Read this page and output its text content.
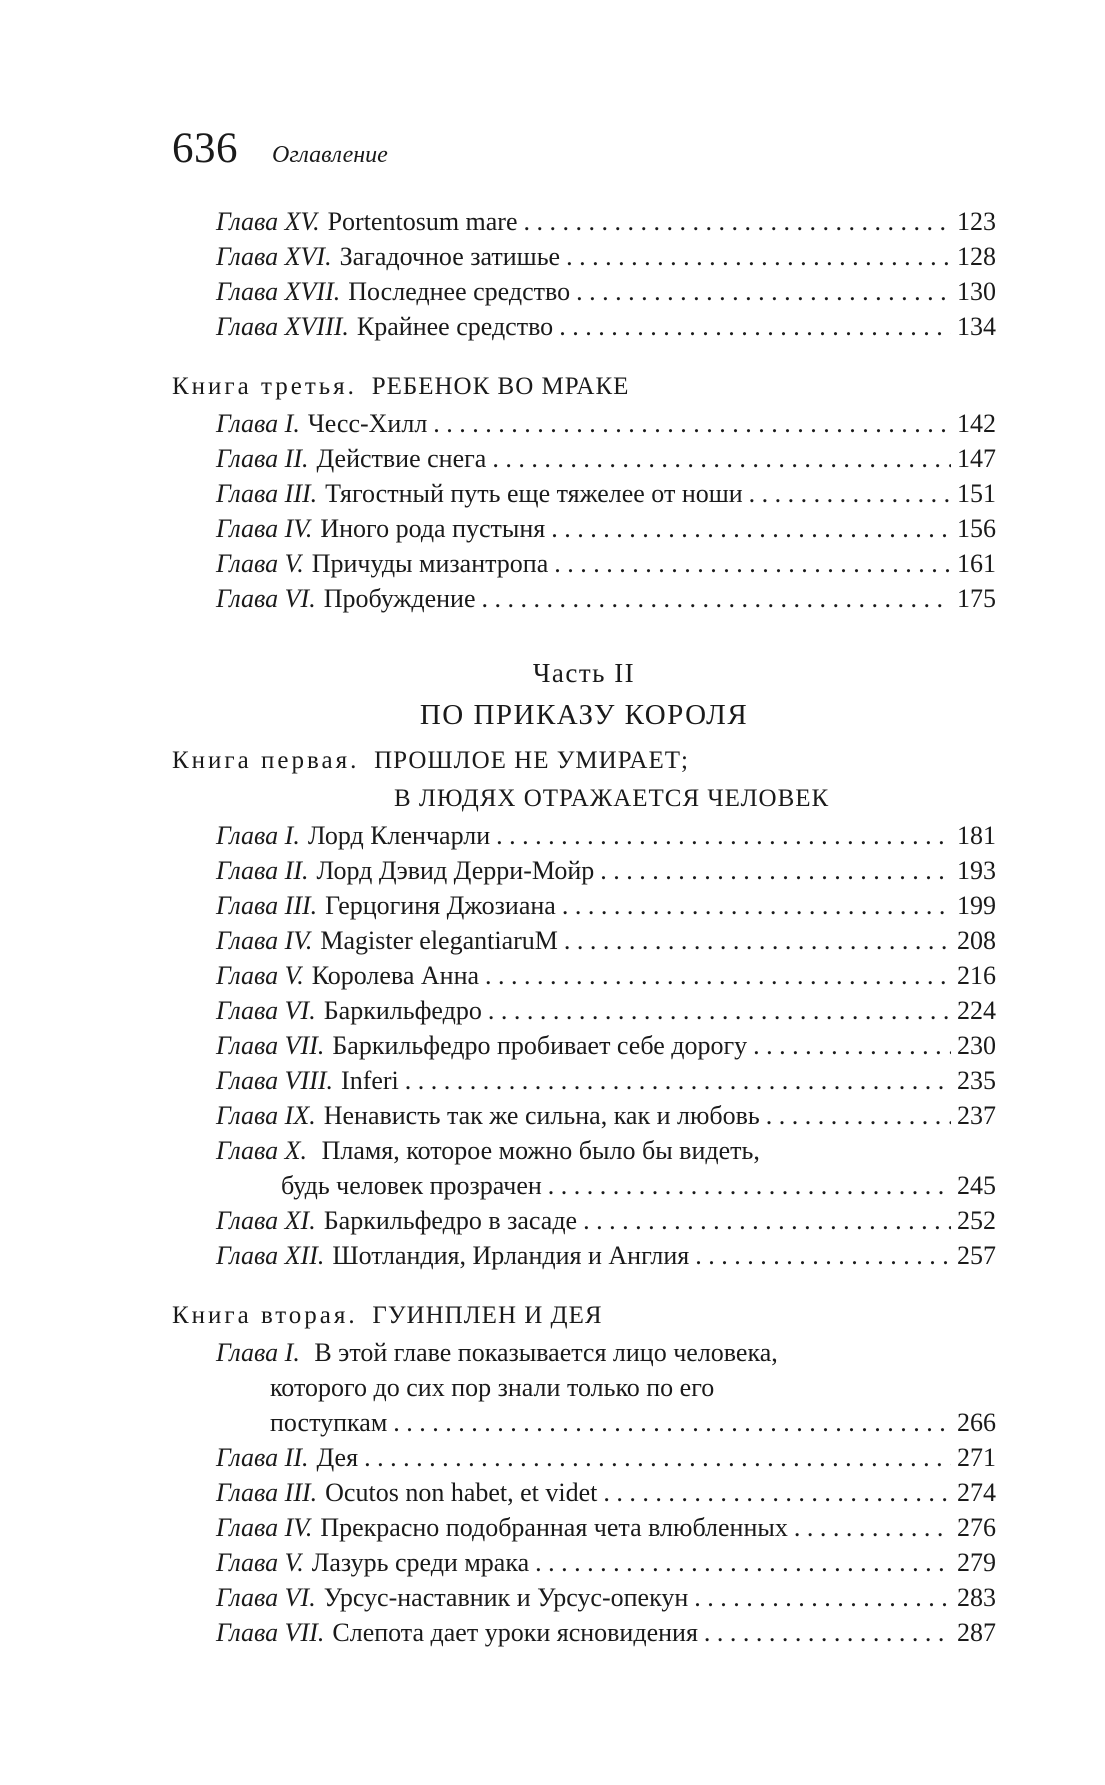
636 Оглавление
Глава XV. Portentosum mare . . .	123
Глава XVI. Загадочное затишье . . .	128
Глава XVII. Последнее средство . . .	130
Глава XVIII. Крайнее средство . . .	134
Книга третья. РЕБЕНОК ВО МРАКЕ
Глава I. Чесс-Хилл . . .	142
Глава II. Действие снега . . .	147
Глава III. Тягостный путь еще тяжелее от ноши . . .	151
Глава IV. Иного рода пустыня . . .	156
Глава V. Причуды мизантропа . . .	161
Глава VI. Пробуждение . . .	175
Часть II
ПО ПРИКАЗУ КОРОЛЯ
Книга первая. ПРОШЛОЕ НЕ УМИРАЕТ;
В ЛЮДЯХ ОТРАЖАЕТСЯ ЧЕЛОВЕК
Глава I. Лорд Кленчарли . . .	181
Глава II. Лорд Дэвид Дерри-Мойр . . .	193
Глава III. Герцогиня Джозиана . . .	199
Глава IV. Magister elegantiaruM . . .	208
Глава V. Королева Анна . . .	216
Глава VI. Баркильфедро . . .	224
Глава VII. Баркильфедро пробивает себе дорогу . . .	230
Глава VIII. Inferi . . .	235
Глава IX. Ненависть так же сильна, как и любовь . . .	237
Глава X. Пламя, которое можно было бы видеть,
будь человек прозрачен . . .	245
Глава XI. Баркильфедро в засаде . . .	252
Глава XII. Шотландия, Ирландия и Англия . . .	257
Книга вторая. ГУИНПЛЕН И ДЕЯ
Глава I. В этой главе показывается лицо человека,
которого до сих пор знали только по его
поступкам . . .	266
Глава II. Дея . . .	271
Глава III. Ocutos non habet, et videt . . .	274
Глава IV. Прекрасно подобранная чета влюбленных . . .	276
Глава V. Лазурь среди мрака . . .	279
Глава VI. Урсус-наставник и Урсус-опекун . . .	283
Глава VII. Слепота дает уроки ясновидения . . .	287
